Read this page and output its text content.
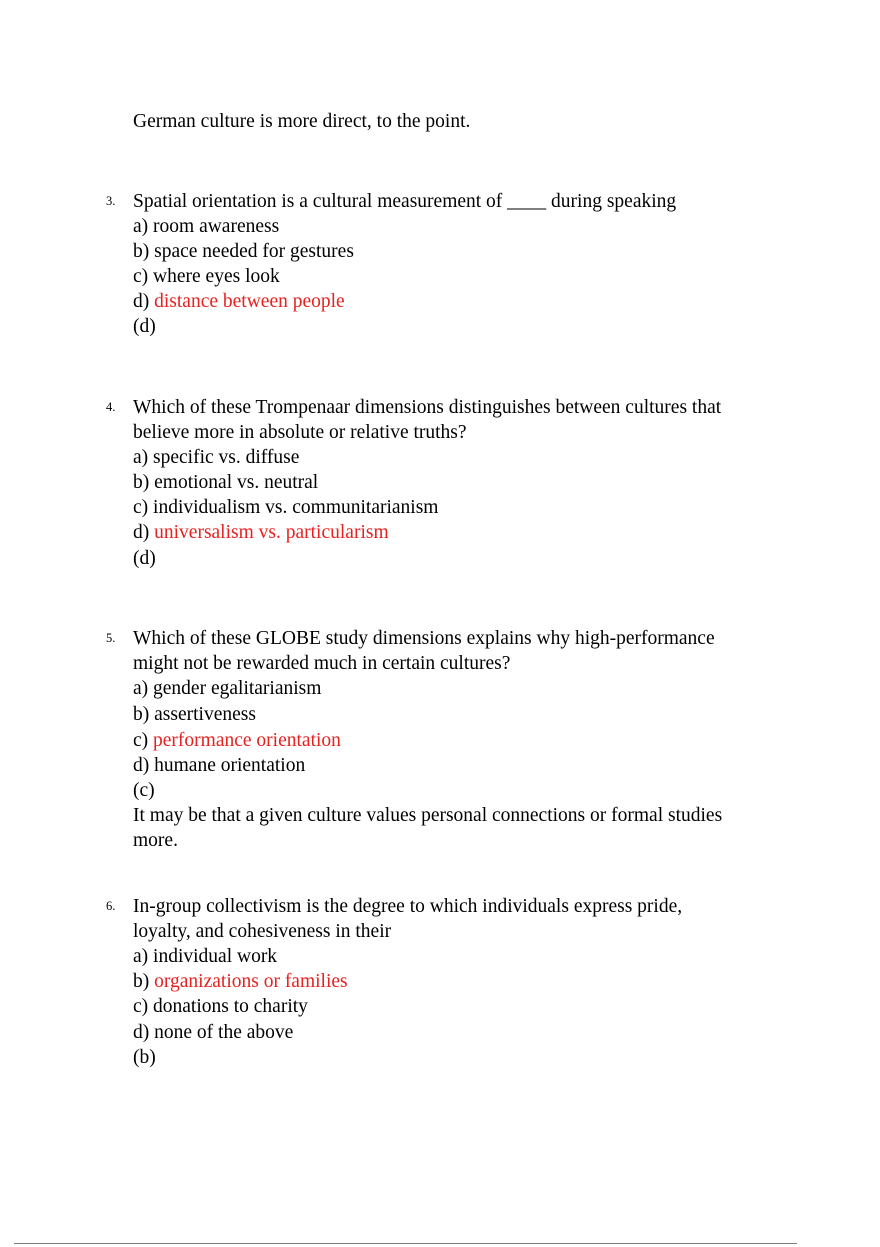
German culture is more direct, to the point.
3. Spatial orientation is a cultural measurement of ____ during speaking
a) room awareness
b) space needed for gestures
c) where eyes look
d) distance between people
(d)
4. Which of these Trompenaar dimensions distinguishes between cultures that
believe more in absolute or relative truths?
a) specific vs. diffuse
b) emotional vs. neutral
c) individualism vs. communitarianism
d) universalism vs. particularism
(d)
5. Which of these GLOBE study dimensions explains why high-performance
might not be rewarded much in certain cultures?
a) gender egalitarianism
b) assertiveness
c) performance orientation
d) humane orientation
(c)
It may be that a given culture values personal connections or formal studies
more.
6. In-group collectivism is the degree to which individuals express pride,
loyalty, and cohesiveness in their
a) individual work
b) organizations or families
c) donations to charity
d) none of the above
(b)
